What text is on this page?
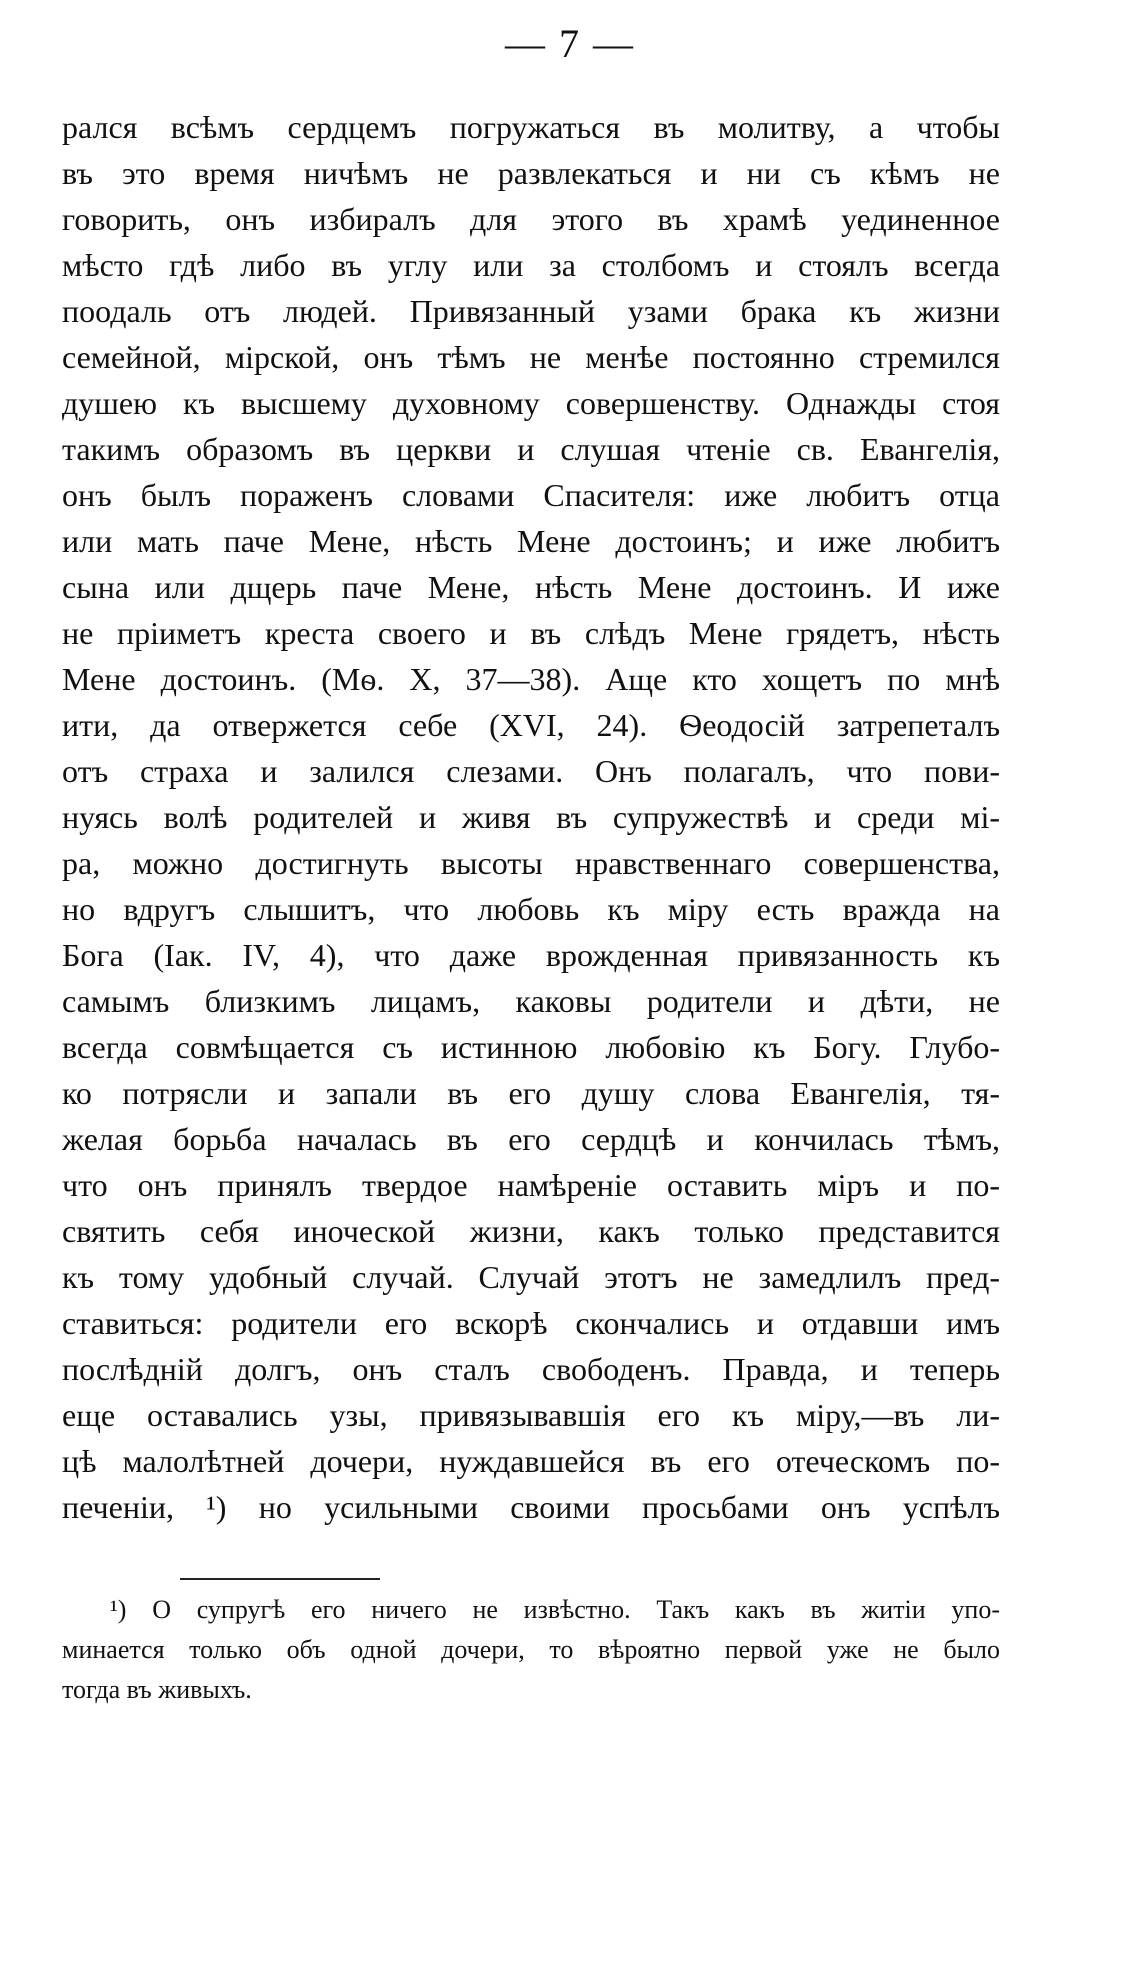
— 7 —
рался всѣмъ сердцемъ погружаться въ молитву, а чтобы
въ это время ничѣмъ не развлекаться и ни съ кѣмъ не
говорить, онъ избиралъ для этого въ храмѣ уединенное
мѣсто гдѣ либо въ углу или за столбомъ и стоялъ всегда
поодаль отъ людей. Привязанный узами брака къ жизни
семейной, мірской, онъ тѣмъ не менѣе постоянно стремился
душею къ высшему духовному совершенству. Однажды стоя
такимъ образомъ въ церкви и слушая чтеніе св. Евангелія,
онъ былъ пораженъ словами Спасителя: иже любитъ отца
или мать паче Мене, нѣсть Мене достоинъ; и иже любитъ
сына или дщерь паче Мене, нѣсть Мене достоинъ. И иже
не пріиметъ креста своего и въ слѣдъ Мене грядетъ, нѣсть
Мене достоинъ. (Мѳ. X, 37—38). Аще кто хощетъ по мнѣ
ити, да отвержется себе (XVI, 24). Ѳеодосій затрепеталъ
отъ страха и залился слезами. Онъ полагалъ, что пови-
нуясь волѣ родителей и живя въ супружествѣ и среди мі-
ра, можно достигнуть высоты нравственнаго совершенства,
но вдругъ слышитъ, что любовь къ міру есть вражда на
Бога (Іак. IV, 4), что даже врожденная привязанность къ
самымъ близкимъ лицамъ, каковы родители и дѣти, не
всегда совмѣщается съ истинною любовію къ Богу. Глубо-
ко потрясли и запали въ его душу слова Евангелія, тя-
желая борьба началась въ его сердцѣ и кончилась тѣмъ,
что онъ принялъ твердое намѣреніе оставить міръ и по-
святить себя иноческой жизни, какъ только представится
къ тому удобный случай. Случай этотъ не замедлилъ пред-
ставиться: родители его вскорѣ скончались и отдавши имъ
послѣдній долгъ, онъ сталъ свободенъ. Правда, и теперь
еще оставались узы, привязывавшія его къ міру,—въ ли-
цѣ малолѣтней дочери, нуждавшейся въ его отеческомъ по-
печеніи, ¹) но усильными своими просьбами онъ успѣлъ
¹) О супругѣ его ничего не извѣстно. Такъ какъ въ житіи упо-
минается только объ одной дочери, то вѣроятно первой уже не было
тогда въ живыхъ.
